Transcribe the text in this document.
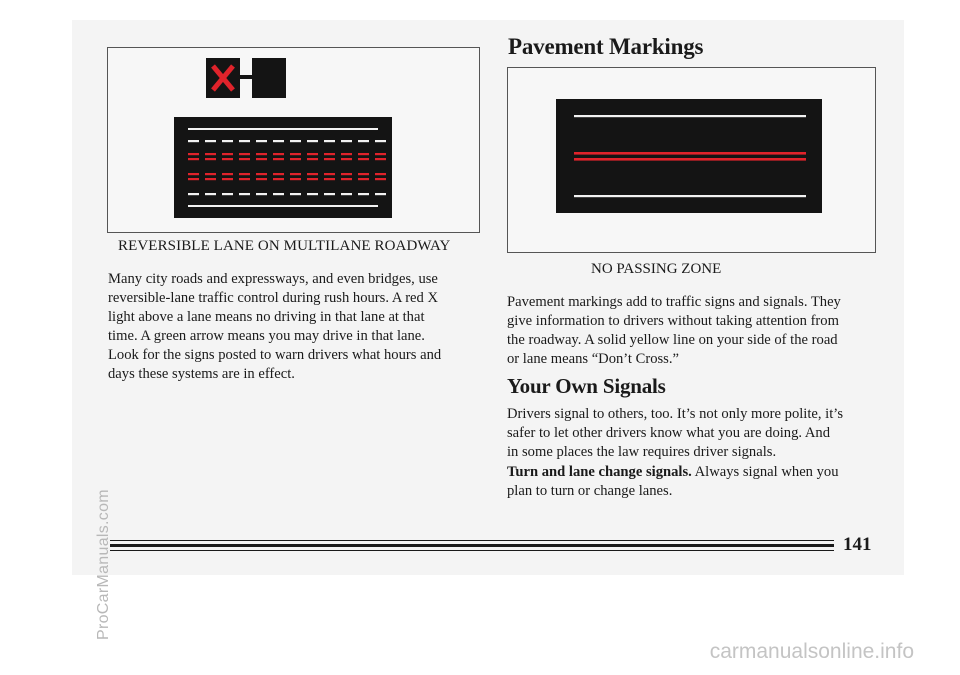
REVERSIBLE LANE ON MULTILANE ROADWAY
Many city roads and expressways, and even bridges, use
reversible-lane traffic control during rush hours. A red X
light above a lane means no driving in that lane at that
time. A green arrow means you may drive in that lane.
Look for the signs posted to warn drivers what hours and
days these systems are in effect.
Pavement Markings
NO PASSING ZONE
Pavement markings add to traffic signs and signals. They
give information to drivers without taking attention from
the roadway. A solid yellow line on your side of the road
or lane means “Don’t Cross.”
Your Own Signals
Drivers signal to others, too. It’s not only more polite, it’s
safer to let other drivers know what you are doing. And
in some places the law requires driver signals.
Turn and lane change signals. Always signal when you
plan to turn or change lanes.
141
ProCarManuals.com
carmanualsonline.info
